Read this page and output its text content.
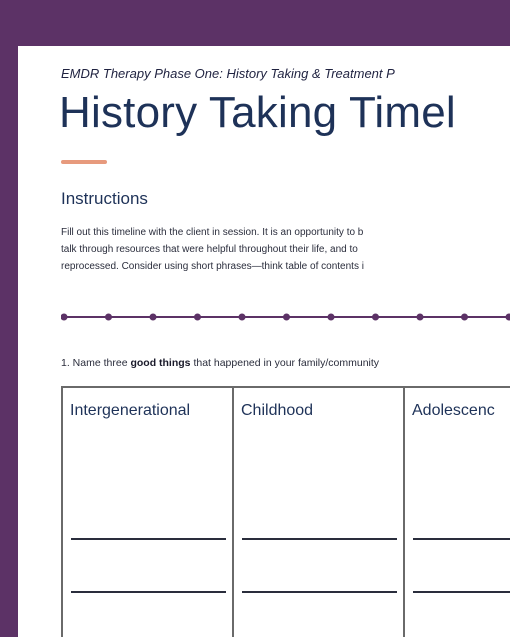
EMDR Therapy Phase One: History Taking & Treatment P
History Taking Timel
Instructions
Fill out this timeline with the client in session. It is an opportunity to b
talk through resources that were helpful throughout their life, and to
reprocessed. Consider using short phrases—think table of contents i
1. Name three good things that happened in your family/community
Intergenerational	Childhood	Adolescenc
